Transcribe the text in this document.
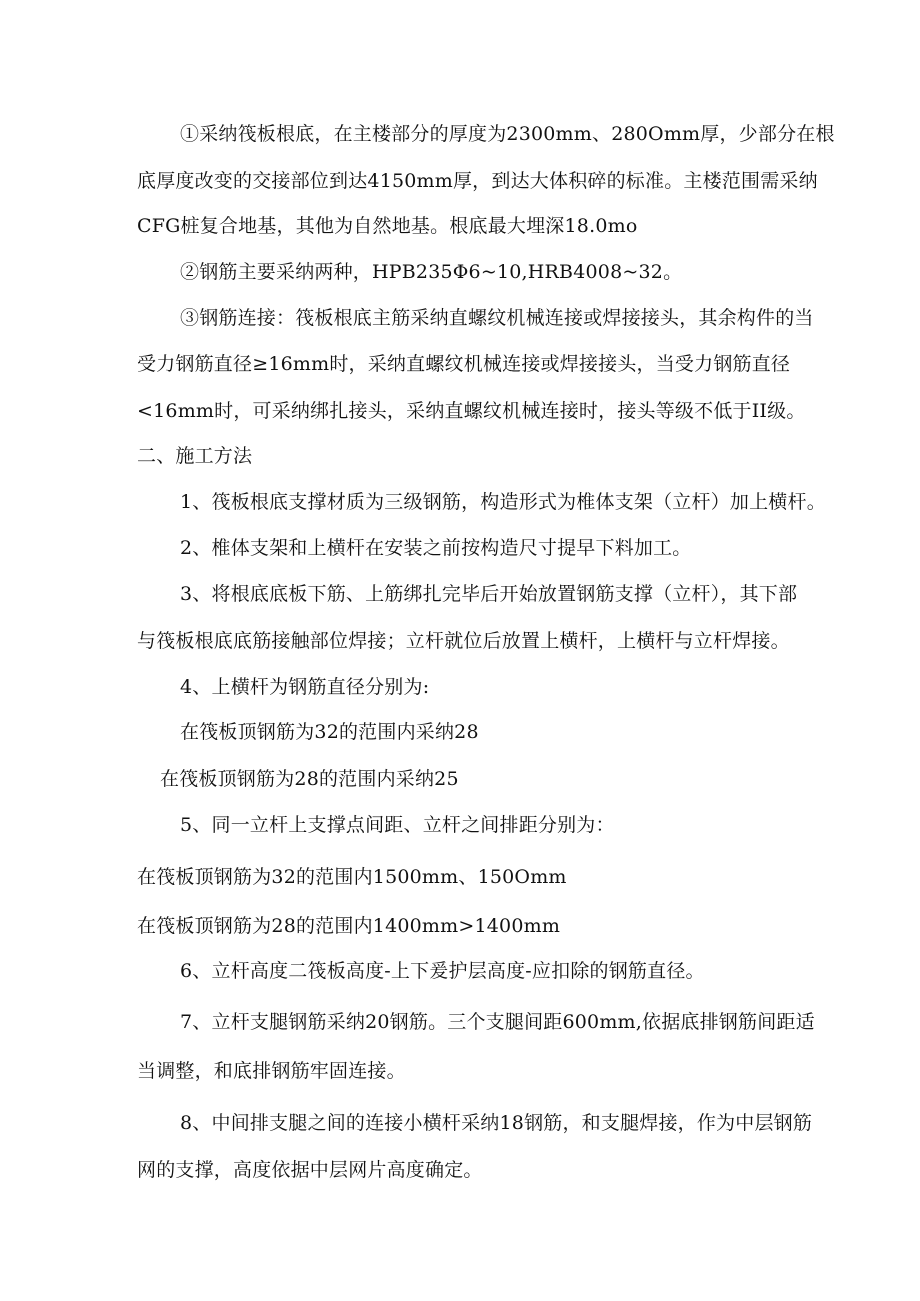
①采纳筏板根底，在主楼部分的厚度为2300mm、280Omm厚，少部分在根
底厚度改变的交接部位到达4150mm厚，到达大体积碎的标准。主楼范围需采纳
CFG桩复合地基，其他为自然地基。根底最大埋深18.0mo
②钢筋主要采纳两种，HPB235Φ6~10,HRB4008~32。
③钢筋连接：筏板根底主筋采纳直螺纹机械连接或焊接接头，其余构件的当
受力钢筋直径≥16mm时，采纳直螺纹机械连接或焊接接头，当受力钢筋直径
<16mm时，可采纳绑扎接头，采纳直螺纹机械连接时，接头等级不低于II级。
二、施工方法
1、筏板根底支撑材质为三级钢筋，构造形式为椎体支架（立杆）加上横杆。
2、椎体支架和上横杆在安装之前按构造尺寸提早下料加工。
3、将根底底板下筋、上筋绑扎完毕后开始放置钢筋支撑（立杆），其下部
与筏板根底底筋接触部位焊接；立杆就位后放置上横杆，上横杆与立杆焊接。
4、上横杆为钢筋直径分别为:
在筏板顶钢筋为32的范围内采纳28
在筏板顶钢筋为28的范围内采纳25
5、同一立杆上支撑点间距、立杆之间排距分别为：
在筏板顶钢筋为32的范围内1500mm、150Omm
在筏板顶钢筋为28的范围内1400mm>1400mm
6、立杆高度二筏板高度-上下爰护层高度-应扣除的钢筋直径。
7、立杆支腿钢筋采纳20钢筋。三个支腿间距600mm,依据底排钢筋间距适
当调整，和底排钢筋牢固连接。
8、中间排支腿之间的连接小横杆采纳18钢筋，和支腿焊接，作为中层钢筋
网的支撑，高度依据中层网片高度确定。
